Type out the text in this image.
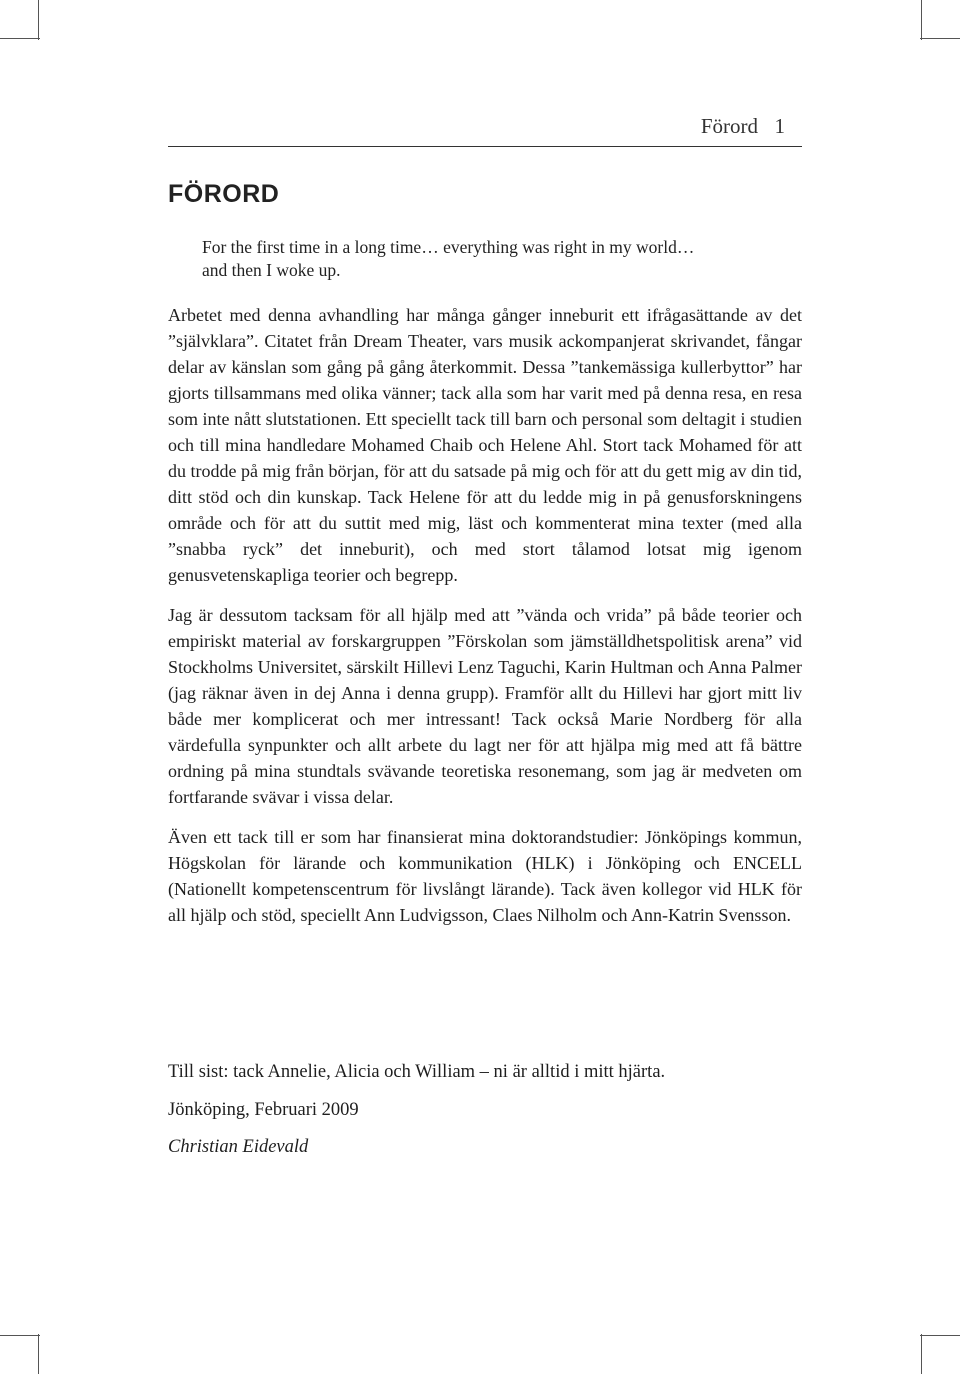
Förord 1
FÖRORD
For the first time in a long time… everything was right in my world…
and then I woke up.

Arbetet med denna avhandling har många gånger inneburit ett ifrågasättande av det ”självklara”. Citatet från Dream Theater, vars musik ackompanjerat skrivandet, fångar delar av känslan som gång på gång återkommit. Dessa ”tankemässiga kullerbyttor” har gjorts tillsammans med olika vänner; tack alla som har varit med på denna resa, en resa som inte nått slutstationen. Ett speciellt tack till barn och personal som deltagit i studien och till mina handledare Mohamed Chaib och Helene Ahl. Stort tack Mohamed för att du trodde på mig från början, för att du satsade på mig och för att du gett mig av din tid, ditt stöd och din kunskap. Tack Helene för att du ledde mig in på genusforskningens område och för att du suttit med mig, läst och kommenterat mina texter (med alla ”snabba ryck” det inneburit), och med stort tålamod lotsat mig igenom genusvetenskapliga teorier och begrepp.

Jag är dessutom tacksam för all hjälp med att ”vända och vrida” på både teorier och empiriskt material av forskargruppen ”Förskolan som jämställdhetspolitisk arena” vid Stockholms Universitet, särskilt Hillevi Lenz Taguchi, Karin Hultman och Anna Palmer (jag räknar även in dej Anna i denna grupp). Framför allt du Hillevi har gjort mitt liv både mer komplicerat och mer intressant! Tack också Marie Nordberg för alla värdefulla synpunkter och allt arbete du lagt ner för att hjälpa mig med att få bättre ordning på mina stundtals svävande teoretiska resonemang, som jag är medveten om fortfarande svävar i vissa delar.

Även ett tack till er som har finansierat mina doktorandstudier: Jönköpings kommun, Högskolan för lärande och kommunikation (HLK) i Jönköping och ENCELL (Nationellt kompetenscentrum för livslångt lärande). Tack även kollegor vid HLK för all hjälp och stöd, speciellt Ann Ludvigsson, Claes Nilholm och Ann-Katrin Svensson.

Till sist: tack Annelie, Alicia och William – ni är alltid i mitt hjärta.
Jönköping, Februari 2009
Christian Eidevald
